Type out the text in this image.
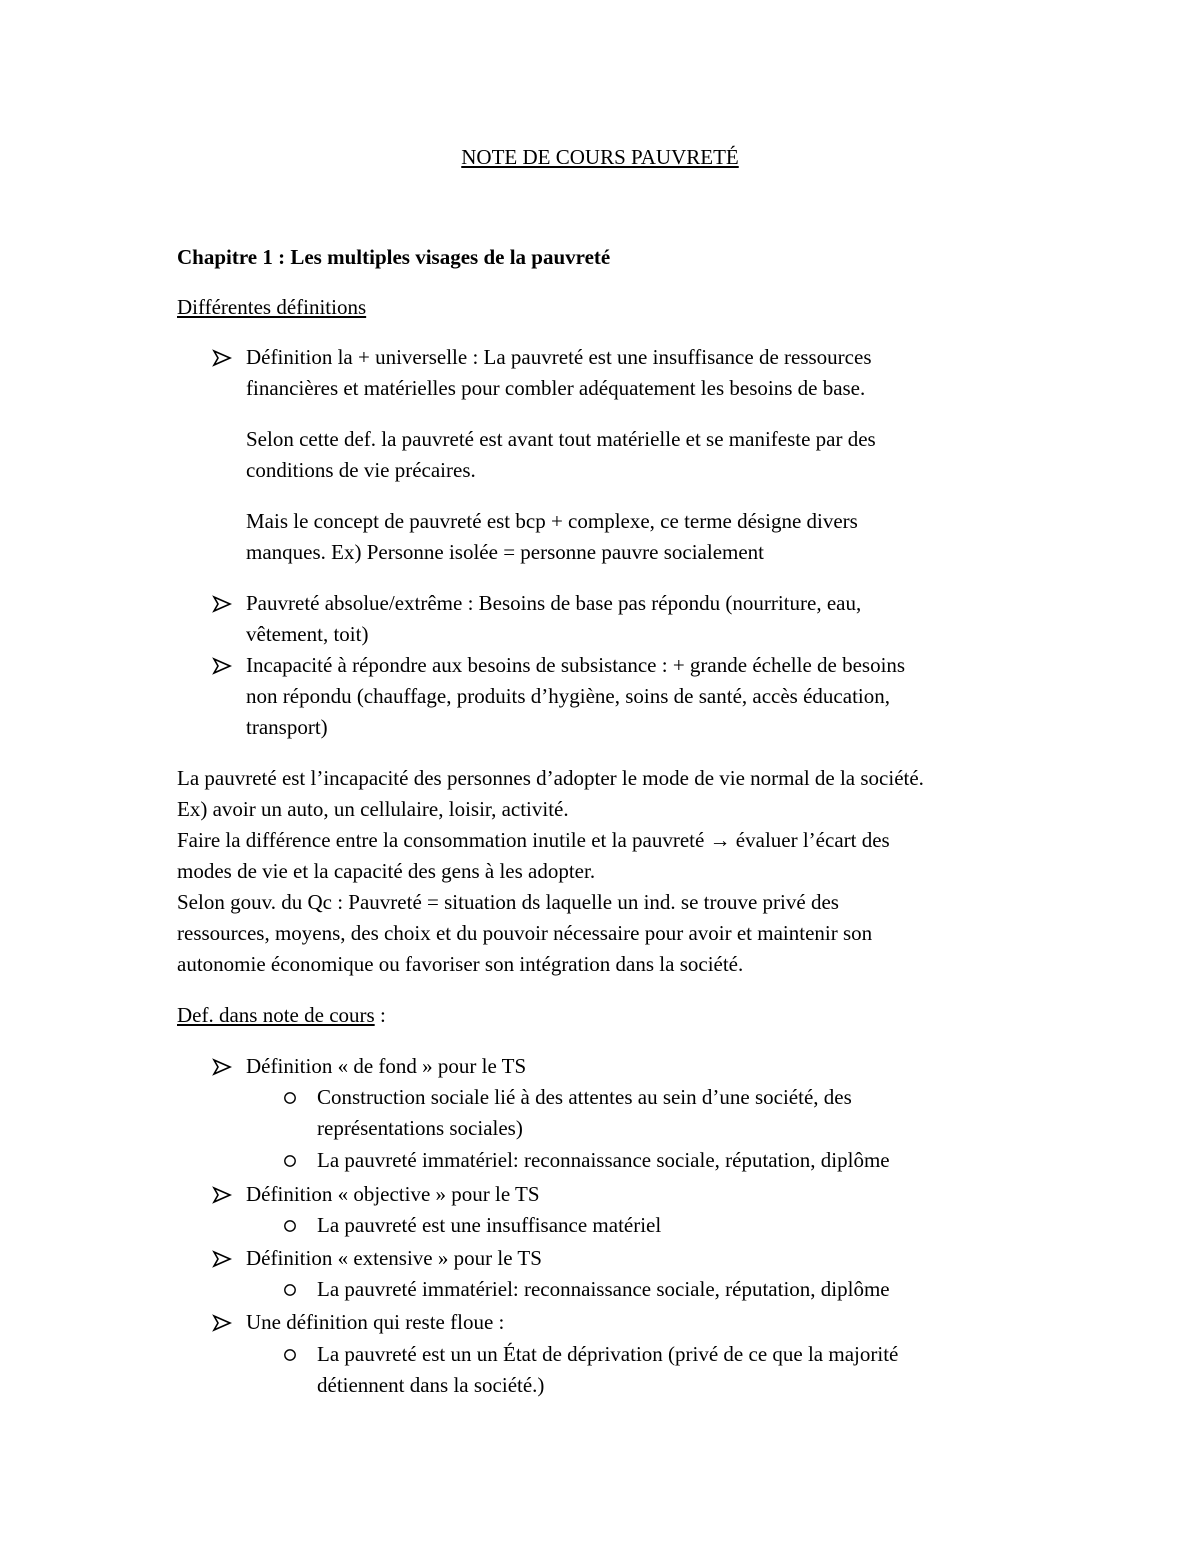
NOTE DE COURS PAUVRETÉ
Chapitre 1 : Les multiples visages de la pauvreté
Différentes définitions
Définition la + universelle : La pauvreté est une insuffisance de ressources
financières et matérielles pour combler adéquatement les besoins de base.
Selon cette def. la pauvreté est avant tout matérielle et se manifeste par des
conditions de vie précaires.
Mais le concept de pauvreté est bcp + complexe, ce terme désigne divers
manques. Ex) Personne isolée = personne pauvre socialement
Pauvreté absolue/extrême : Besoins de base pas répondu (nourriture, eau,
vêtement, toit)
Incapacité à répondre aux besoins de subsistance : + grande échelle de besoins
non répondu (chauffage, produits d’hygiène, soins de santé, accès éducation,
transport)
La pauvreté est l’incapacité des personnes d’adopter le mode de vie normal de la société.
Ex) avoir un auto, un cellulaire, loisir, activité.
Faire la différence entre la consommation inutile et la pauvreté → évaluer l’écart des
modes de vie et la capacité des gens à les adopter.
Selon gouv. du Qc : Pauvreté = situation ds laquelle un ind. se trouve privé des
ressources, moyens, des choix et du pouvoir nécessaire pour avoir et maintenir son
autonomie économique ou favoriser son intégration dans la société.
Def. dans note de cours :
Définition « de fond » pour le TS
Construction sociale lié à des attentes au sein d’une société, des
représentations sociales)
La pauvreté immatériel: reconnaissance sociale, réputation, diplôme
Définition « objective » pour le TS
La pauvreté est une insuffisance matériel
Définition « extensive » pour le TS
La pauvreté immatériel: reconnaissance sociale, réputation, diplôme
Une définition qui reste floue :
La pauvreté est un un État de déprivation (privé de ce que la majorité
détiennent dans la société.)
